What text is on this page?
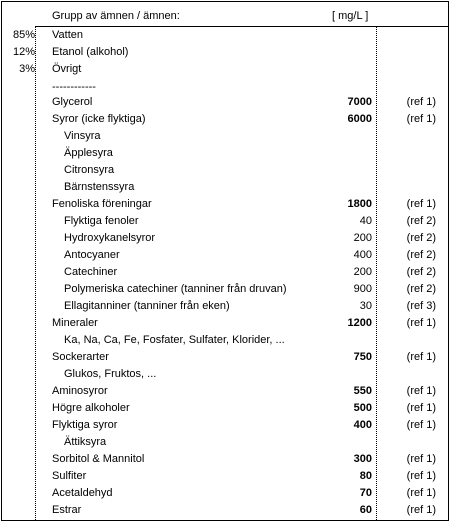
Grupp av ämnen / ämnen:	[ mg/L ]
85% Vatten
12% Etanol (alkohol)
3% Övrigt
------------
Glycerol	7000	(ref 1)
Syror (icke flyktiga)	6000	(ref 1)
Vinsyra
Äpplesyra
Citronsyra
Bärnstenssyra
Fenoliska föreningar	1800	(ref 1)
Flyktiga fenoler	40	(ref 2)
Hydroxykanelsyror	200	(ref 2)
Antocyaner	400	(ref 2)
Catechiner	200	(ref 2)
Polymeriska catechiner (tanniner från druvan)	900	(ref 2)
Ellagitanniner (tanniner från eken)	30	(ref 3)
Mineraler	1200	(ref 1)
Ka, Na, Ca, Fe, Fosfater, Sulfater, Klorider, ...
Sockerarter	750	(ref 1)
Glukos, Fruktos, ...
Aminosyror	550	(ref 1)
Högre alkoholer	500	(ref 1)
Flyktiga syror	400	(ref 1)
Ättiksyra
Sorbitol & Mannitol	300	(ref 1)
Sulfiter	80	(ref 1)
Acetaldehyd	70	(ref 1)
Estrar	60	(ref 1)
